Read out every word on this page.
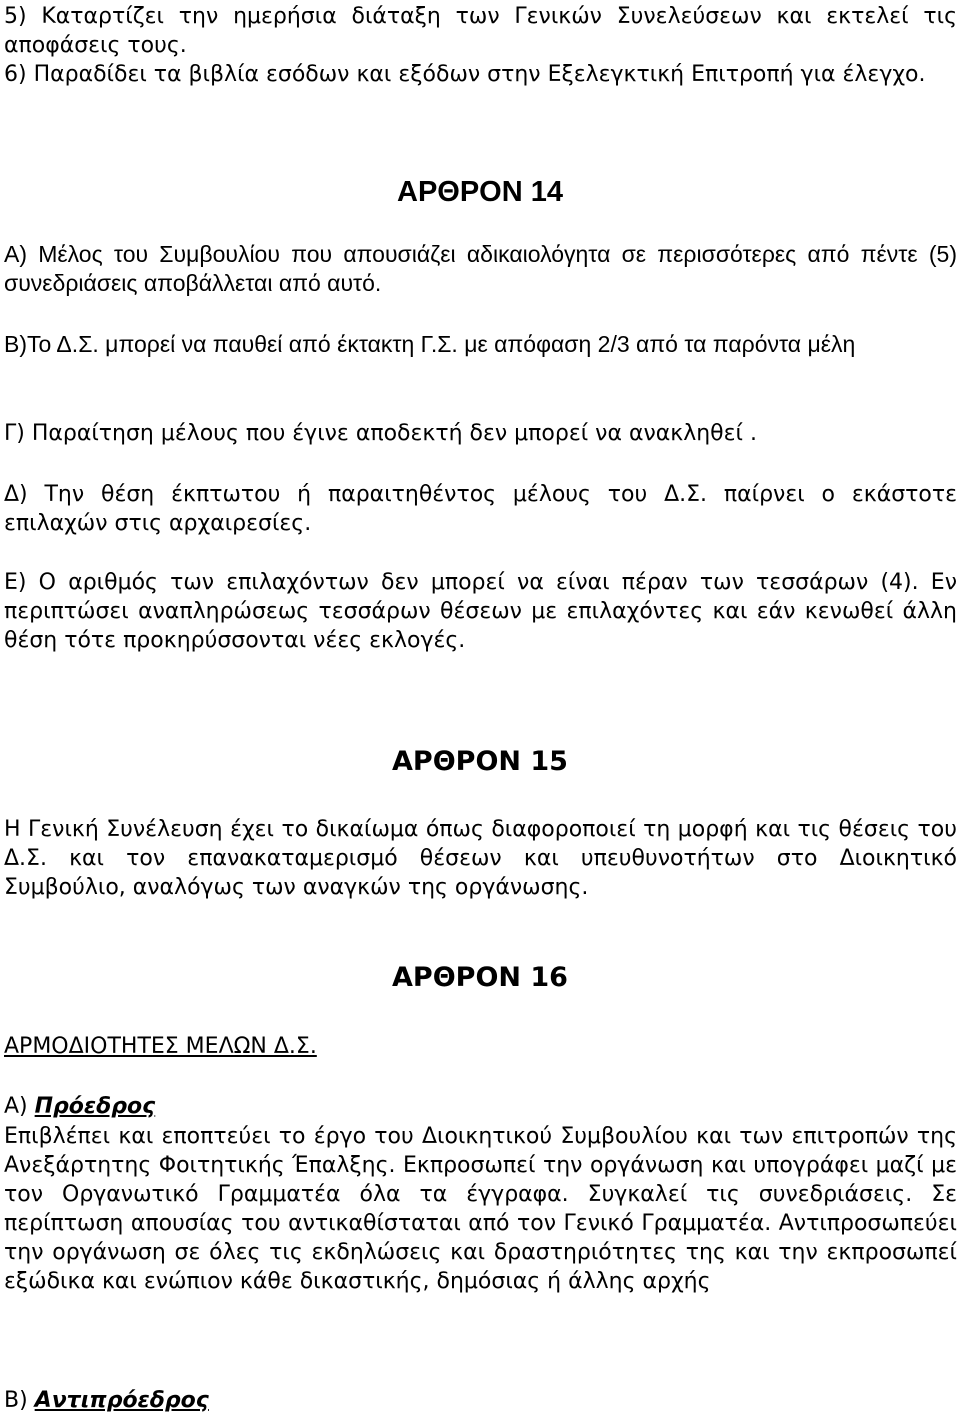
5) Καταρτίζει την ημερήσια διάταξη των Γενικών Συνελεύσεων και εκτελεί τις αποφάσεις τους.

6) Παραδίδει τα βιβλία εσόδων και εξόδων στην Εξελεγκτική Επιτροπή για έλεγχο.

ΑΡΘΡΟΝ 14

Α) Μέλος του Συμβουλίου που απουσιάζει αδικαιολόγητα σε περισσότερες από πέντε (5) συνεδριάσεις αποβάλλεται από αυτό.

Β)Το Δ.Σ. μπορεί να παυθεί από έκτακτη Γ.Σ. με απόφαση 2/3 από τα παρόντα μέλη

Γ) Παραίτηση μέλους που έγινε αποδεκτή δεν μπορεί να ανακληθεί .

Δ) Την θέση έκπτωτου ή παραιτηθέντος μέλους του Δ.Σ. παίρνει ο εκάστοτε επιλαχών στις αρχαιρεσίες.

Ε) Ο αριθμός των επιλαχόντων δεν μπορεί να είναι πέραν των τεσσάρων (4). Εν περιπτώσει αναπληρώσεως τεσσάρων θέσεων με επιλαχόντες και εάν κενωθεί άλλη θέση τότε προκηρύσσονται νέες εκλογές.

ΑΡΘΡΟΝ 15

Η Γενική Συνέλευση έχει το δικαίωμα όπως διαφοροποιεί τη μορφή και τις θέσεις του Δ.Σ. και τον επανακαταμερισμό θέσεων και υπευθυνοτήτων στο Διοικητικό Συμβούλιο, αναλόγως των αναγκών της οργάνωσης.

ΑΡΘΡΟΝ 16

ΑΡΜΟΔΙΟΤΗΤΕΣ ΜΕΛΩΝ Δ.Σ.

Α) Πρόεδρος

Επιβλέπει και εποπτεύει το έργο του Διοικητικού Συμβουλίου και των επιτροπών της Ανεξάρτητης Φοιτητικής Έπαλξης. Εκπροσωπεί την οργάνωση και υπογράφει μαζί με τον Οργανωτικό Γραμματέα όλα τα έγγραφα. Συγκαλεί τις συνεδριάσεις. Σε περίπτωση απουσίας του αντικαθίσταται από τον Γενικό Γραμματέα. Αντιπροσωπεύει την οργάνωση σε όλες τις εκδηλώσεις και δραστηριότητες της και την εκπροσωπεί εξώδικα και ενώπιον κάθε δικαστικής, δημόσιας ή άλλης αρχής

Β) Αντιπρόεδρος
